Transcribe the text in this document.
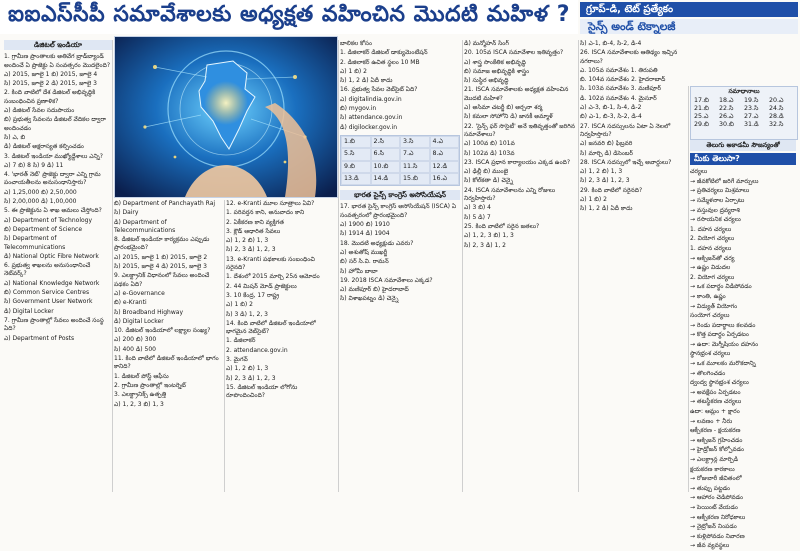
ఐఐఎస్‌సీపీ సమావేశాలకు అధ్యక్షత వహించిన మొదటి మహిళ ?	గ్రూప్-డి, టెట్ ప్రత్యేకం
సైన్స్ అండ్ టెక్నాలజీ
డిజిటల్ ఇండియా

1. గ్రామీణ ప్రాంతాలకు అతివేగ బ్రాడ్‌బ్యాండ్ అందించే ఏ ప్రాజెక్టు ఏ సంవత్సరం మొదలైంది?

ఎ) 2015, జూలై 1 బి) 2015, జూలై 4

సి) 2015, జూలై 2 డి) 2015, జూలై 3

2. కింది వాటిలో దేశ డిజిటల్ అభివృద్ధికి సంబంధించిన ప్రణాళిక?

ఎ) డిజిటల్ సేవల సదుపాయం

బి) ప్రభుత్వ సేవలను డిజిటల్ వేదికల ద్వారా అందించడం

సి) ఎ, బి

డి) డిజిటల్ అక్షరాస్యత కల్పించడం

3. డిజిటల్ ఇండియా ముఖ్యోద్దేశాలు ఎన్ని?

ఎ) 7 బి) 8 సి) 9 డి) 11

4. 'భారత్ నెట్' ప్రాజెక్టు ద్వారా ఎన్ని గ్రామ పంచాయతీలను అనుసంధానిస్తారు?

ఎ) 1,25,000 బి) 2,50,000

సి) 2,00,000 డి) 1,00,000

5. ఈ ప్రాజెక్టును ఏ శాఖ అమలు చేస్తోంది?

ఎ) Department of Technology

బి) Department of Science

సి) Department of Telecommunications

డి) National Optic Fibre Network

6. ప్రభుత్వ శాఖలను అనుసంధానించే నెట్‌వర్క్?

ఎ) National Knowledge Network

బి) Common Service Centres

సి) Government User Network

డి) Digital Locker

7. గ్రామీణ ప్రాంతాల్లో సేవలు అందించే సంస్థ ఏది?

ఎ) Department of Posts

బి) Department of Panchayath Raj

సి) Dairy

డి) Department of Telecommunications

8. డిజిటల్ ఇండియా కార్యక్రమం ఎప్పుడు ప్రారంభమైంది?

ఎ) 2015, జూలై 1 బి) 2015, జూలై 2

సి) 2015, జూలై 4 డి) 2015, జూలై 3

9. ఎలక్ట్రానిక్ విధానంలో సేవలు అందించే పథకం ఏది?

ఎ) e-Governance

బి) e-Kranti

సి) Broadband Highway

డి) Digital Locker

10. డిజిటల్ ఇండియాలో లక్ష్యాల సంఖ్య?

ఎ) 200 బి) 300

సి) 400 డి) 500

11. కింది వాటిలో డిజిటల్ ఇండియాలో భాగం కానిది?

1. డిజిటల్ పోస్ట్ ఆఫీసు

2. గ్రామీణ ప్రాంతాల్లో ఇంటర్నెట్

3. ఎలక్ట్రానిక్స్ ఉత్పత్తి

ఎ) 1, 2, 3 బి) 1, 3

12. e-Kranti మూల సూత్రాలు ఏవి?

1. పరివర్తన కాని, అనువాదం కాని

2. ఏకీకరణ కాని వ్యక్తిగత

3. క్లౌడ్ ఆధారిత సేవలు

ఎ) 1, 2 బి) 1, 3

సి) 2, 3 డి) 1, 2, 3

13. e-Kranti పథకాలకు సంబంధించి సరైనది?

1. దేశంలో 2015 మార్చి 25న ఆమోదం

2. 44 మిషన్ మోడ్ ప్రాజెక్టులు

3. 10 కేంద్ర, 17 రాష్ట్ర

ఎ) 1 బి) 2

సి) 3 డి) 1, 2, 3

14. కింది వాటిలో డిజిటల్ ఇండియాలో భాగమైన వెబ్‌సైట్?

1. డిజిలాకర్

2. attendance.gov.in

3. మైగవ్

ఎ) 1, 2 బి) 1, 3

సి) 2, 3 డి) 1, 2, 3

15. డిజిటల్ ఇండియా లోగోను రూపొందించింది?

బాలికల కోసం

1. డిజిలాకర్ డిజిటల్ డాక్యుమెంటేషన్

2. డిజిలాకర్ ఉచిత స్థలం 10 MB

ఎ) 1 బి) 2

సి) 1, 2 డి) ఏదీ కాదు

16. ప్రభుత్వ సేవల వెబ్‌సైట్ ఏది?

ఎ) digitalindia.gov.in

బి) mygov.in

సి) attendance.gov.in

డి) digilocker.gov.in

1.బి	2.సి	3.సి	4.ఎ
5.సి	6.సి	7.ఎ	8.ఎ
9.బి	10.బి	11.సి	12.డి
13.డి	14.డి	15.బి	16.ఎ
భారత సైన్స్ కాంగ్రెస్ అసోసియేషన్

17. భారత సైన్స్ కాంగ్రెస్ అసోసియేషన్ (ISCA) ఏ సంవత్సరంలో ప్రారంభమైంది?

ఎ) 1900 బి) 1910

సి) 1914 డి) 1904

18. మొదటి అధ్యక్షుడు ఎవరు?

ఎ) అశుతోష్ ముఖర్జీ

బి) సర్ సి.వి. రామన్

సి) హోమీ బాబా

19. 2018 ISCA సమావేశాలు ఎక్కడ?

ఎ) మణిపూర్ బి) హైదరాబాద్

సి) విశాఖపట్నం డి) చెన్నై

డి) మన్మోహన్ సింగ్

20. 105వ ISCA సమావేశాల ఇతివృత్తం?

ఎ) శాస్త్ర సాంకేతిక అభివృద్ధి

బి) సమాజ అభివృద్ధికి శాస్త్రం

సి) సుస్థిర అభివృద్ధి

21. ISCA సమావేశాలకు అధ్యక్షత వహించిన మొదటి మహిళ?

ఎ) అసిమా చటర్జీ బి) అర్చనా శర్మ

సి) కమలా సోహోని డి) జానకీ అమ్మాళ్

22. 'సైన్స్ ఫర్ సొసైటీ' అనే ఇతివృత్తంతో జరిగిన సమావేశాలు?

ఎ) 100వ బి) 101వ

సి) 102వ డి) 103వ

23. ISCA ప్రధాన కార్యాలయం ఎక్కడ ఉంది?

ఎ) ఢిల్లీ బి) ముంబై

సి) కోల్‌కతా డి) చెన్నై

24. ISCA సమావేశాలను ఎన్ని రోజులు నిర్వహిస్తారు?

ఎ) 3 బి) 4

సి) 5 డి) 7

25. కింది వాటిలో సరైన జతలు?

ఎ) 1, 2, 3 బి) 1, 3

సి) 2, 3 డి) 1, 2

సి) ఎ-1, బి-4, సి-2, డి-4

26. ISCA సమావేశాలకు ఆతిథ్యం ఇచ్చిన నగరాలు?

ఎ. 105వ సమావేశం 1. తిరుపతి

బి. 104వ సమావేశం 2. హైదరాబాద్

సి. 103వ సమావేశం 3. మణిపూర్

డి. 102వ సమావేశం 4. మైసూర్

ఎ) ఎ-3, బి-1, సి-4, డి-2

బి) ఎ-1, బి-3, సి-2, డి-4

27. ISCA సదస్సులను ఏటా ఏ నెలలో నిర్వహిస్తారు?

ఎ) జనవరి బి) ఫిబ్రవరి

సి) మార్చి డి) డిసెంబర్

28. ISCA సదస్సులో ఇచ్చే అవార్డులు?

ఎ) 1, 2 బి) 1, 3

సి) 2, 3 డి) 1, 2, 3

29. కింది వాటిలో సరైనది?

ఎ) 1 బి) 2

సి) 1, 2 డి) ఏదీ కాదు

సమాధానాలు
17.బి	18.ఎ	19.సి	20.ఎ
21.బి	22.సి	23.సి	24.సి
25.ఎ	26.ఎ	27.ఎ	28.డి
29.బి	30.బి	31.డి	32.సి
తెలుగు అకాడమీ సౌజన్యంతో
మీకు తెలుసా?

చర్యలు

→ జీవకోటిలో జరిగే మార్పులు

→ ప్రతిచర్యలు మిశ్రమాలు

→ సమ్మేళనాల ఏర్పాటు

→ వస్తువుల ద్రవ్యరాశి

→ రసాయనిక చర్యలు

1. దహన చర్యలు

2. వియోగ చర్యలు

1. దహన చర్యలు

→ ఆక్సిజన్‌తో చర్య

→ ఉష్ణం విడుదల

2. వియోగ చర్యలు

→ ఒక పదార్థం విడిపోవడం

→ కాంతి, ఉష్ణం

→ విద్యుత్ వియోగం

సంయోగ చర్యలు

→ రెండు పదార్థాలు కలవడం

→ కొత్త పదార్థం ఏర్పడటం

→ ఉదా: మెగ్నీషియం దహనం

స్థానభ్రంశ చర్యలు

→ ఒక మూలకం మరొకదాన్ని

→ తొలగించడం

ద్వంద్వ స్థానభ్రంశ చర్యలు

→ అవక్షేపం ఏర్పడటం

→ తటస్థీకరణ చర్యలు

ఉదా: ఆమ్లం + క్షారం

→ లవణం + నీరు

ఆక్సీకరణ - క్షయకరణ

→ ఆక్సిజన్ గ్రహించడం

→ హైడ్రోజన్ కోల్పోవడం

→ ఎలక్ట్రాన్ల మార్పిడి

క్షయకరణ కారకాలు

→ రోజువారీ జీవితంలో

→ తుప్పు పట్టడం

→ ఆహారం చెడిపోవడం

→ పెయింట్ వేయడం

→ ఆక్సీకరణ నిరోధకాలు

→ నైట్రోజన్ నింపడం

→ కుళ్లిపోవడం నివారణ

→ జీవ వ్యవస్థలు
